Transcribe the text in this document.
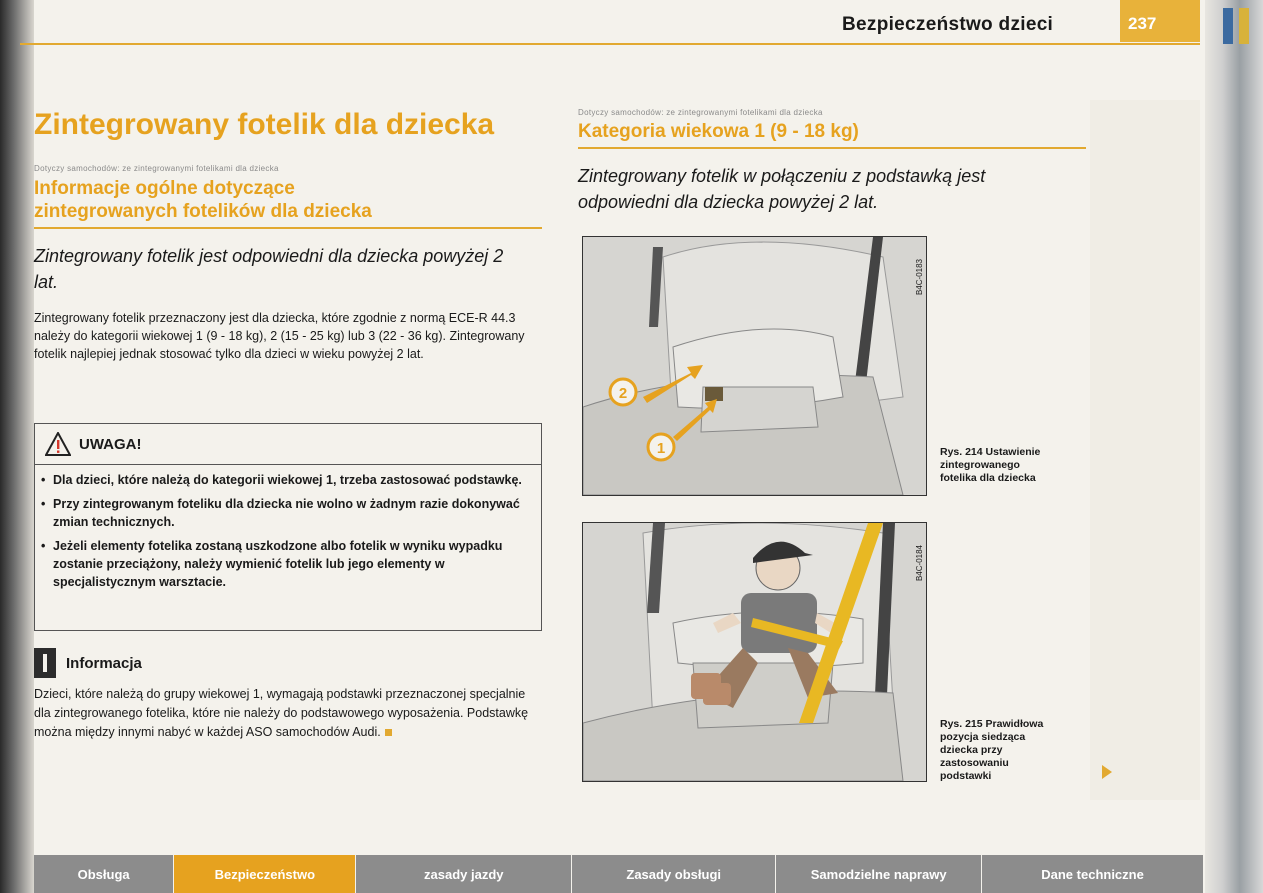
Bezpieczeństwo dzieci	237
Zintegrowany fotelik dla dziecka
Dotyczy samochodów: ze zintegrowanymi fotelikami dla dziecka
Informacje ogólne dotyczące
zintegrowanych fotelików dla dziecka

Zintegrowany fotelik jest odpowiedni dla dziecka powyżej 2 lat.

Zintegrowany fotelik przeznaczony jest dla dziecka, które zgodnie z normą ECE-R 44.3 należy do kategorii wiekowej 1 (9 - 18 kg), 2 (15 - 25 kg) lub 3 (22 - 36 kg). Zintegrowany fotelik najlepiej jednak stosować tylko dla dzieci w wieku powyżej 2 lat.

UWAGA!
• Dla dzieci, które należą do kategorii wiekowej 1, trzeba zastosować podstawkę.
• Przy zintegrowanym foteliku dla dziecka nie wolno w żadnym razie dokonywać zmian technicznych.
• Jeżeli elementy fotelika zostaną uszkodzone albo fotelik w wyniku wypadku zostanie przeciążony, należy wymienić fotelik lub jego elementy w specjalistycznym warsztacie.
Informacja

Dzieci, które należą do grupy wiekowej 1, wymagają podstawki przeznaczonej specjalnie dla zintegrowanego fotelika, które nie należy do podstawowego wyposażenia. Podstawkę można między innymi nabyć w każdej ASO samochodów Audi.

Dotyczy samochodów: ze zintegrowanymi fotelikami dla dziecka
Kategoria wiekowa 1 (9 - 18 kg)

Zintegrowany fotelik w połączeniu z podstawką jest odpowiedni dla dziecka powyżej 2 lat.

2
1
B4C-0183
Rys. 214 Ustawienie zintegrowanego fotelika dla dziecka
B4C-0184
Rys. 215 Prawidłowa pozycja siedząca dziecka przy zastosowaniu podstawki
Obsługa	Bezpieczeństwo	zasady jazdy	Zasady obsługi	Samodzielne naprawy	Dane techniczne
